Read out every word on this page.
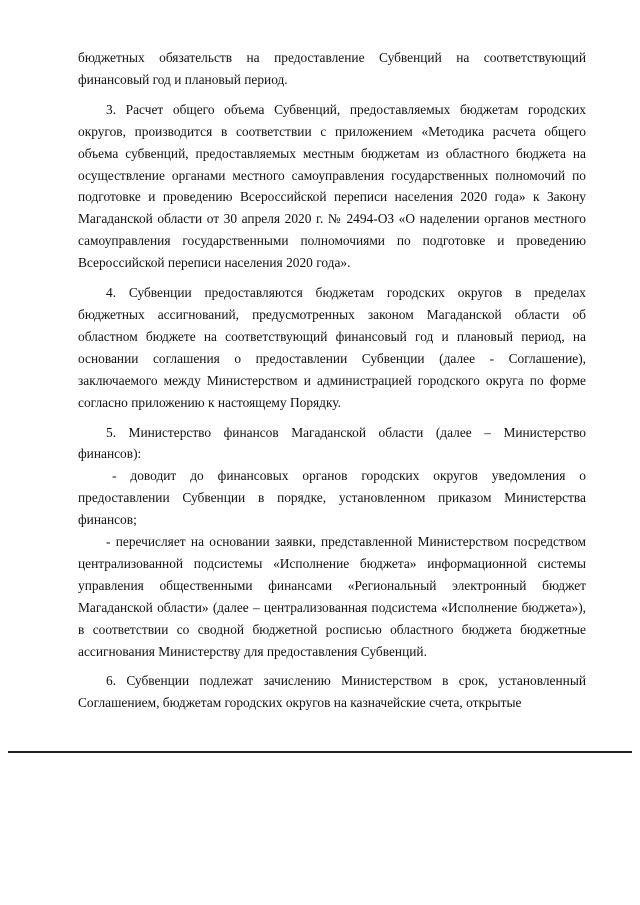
бюджетных обязательств на предоставление Субвенций на соответствующий финансовый год и плановый период.

3. Расчет общего объема Субвенций, предоставляемых бюджетам городских округов, производится в соответствии с приложением «Методика расчета общего объема субвенций, предоставляемых местным бюджетам из областного бюджета на осуществление органами местного самоуправления государственных полномочий по подготовке и проведению Всероссийской переписи населения 2020 года» к Закону Магаданской области от 30 апреля 2020 г. № 2494-ОЗ «О наделении органов местного самоуправления государственными полномочиями по подготовке и проведению Всероссийской переписи населения 2020 года».

4. Субвенции предоставляются бюджетам городских округов в пределах бюджетных ассигнований, предусмотренных законом Магаданской области об областном бюджете на соответствующий финансовый год и плановый период, на основании соглашения о предоставлении Субвенции (далее - Соглашение), заключаемого между Министерством и администрацией городского округа по форме согласно приложению к настоящему Порядку.

5. Министерство финансов Магаданской области (далее – Министерство финансов):

- доводит до финансовых органов городских округов уведомления о предоставлении Субвенции в порядке, установленном приказом Министерства финансов;

- перечисляет на основании заявки, представленной Министерством посредством централизованной подсистемы «Исполнение бюджета» информационной системы управления общественными финансами «Региональный электронный бюджет Магаданской области» (далее – централизованная подсистема «Исполнение бюджета»), в соответствии со сводной бюджетной росписью областного бюджета бюджетные ассигнования Министерству для предоставления Субвенций.

6. Субвенции подлежат зачислению Министерством в срок, установленный Соглашением, бюджетам городских округов на казначейские счета, открытые
